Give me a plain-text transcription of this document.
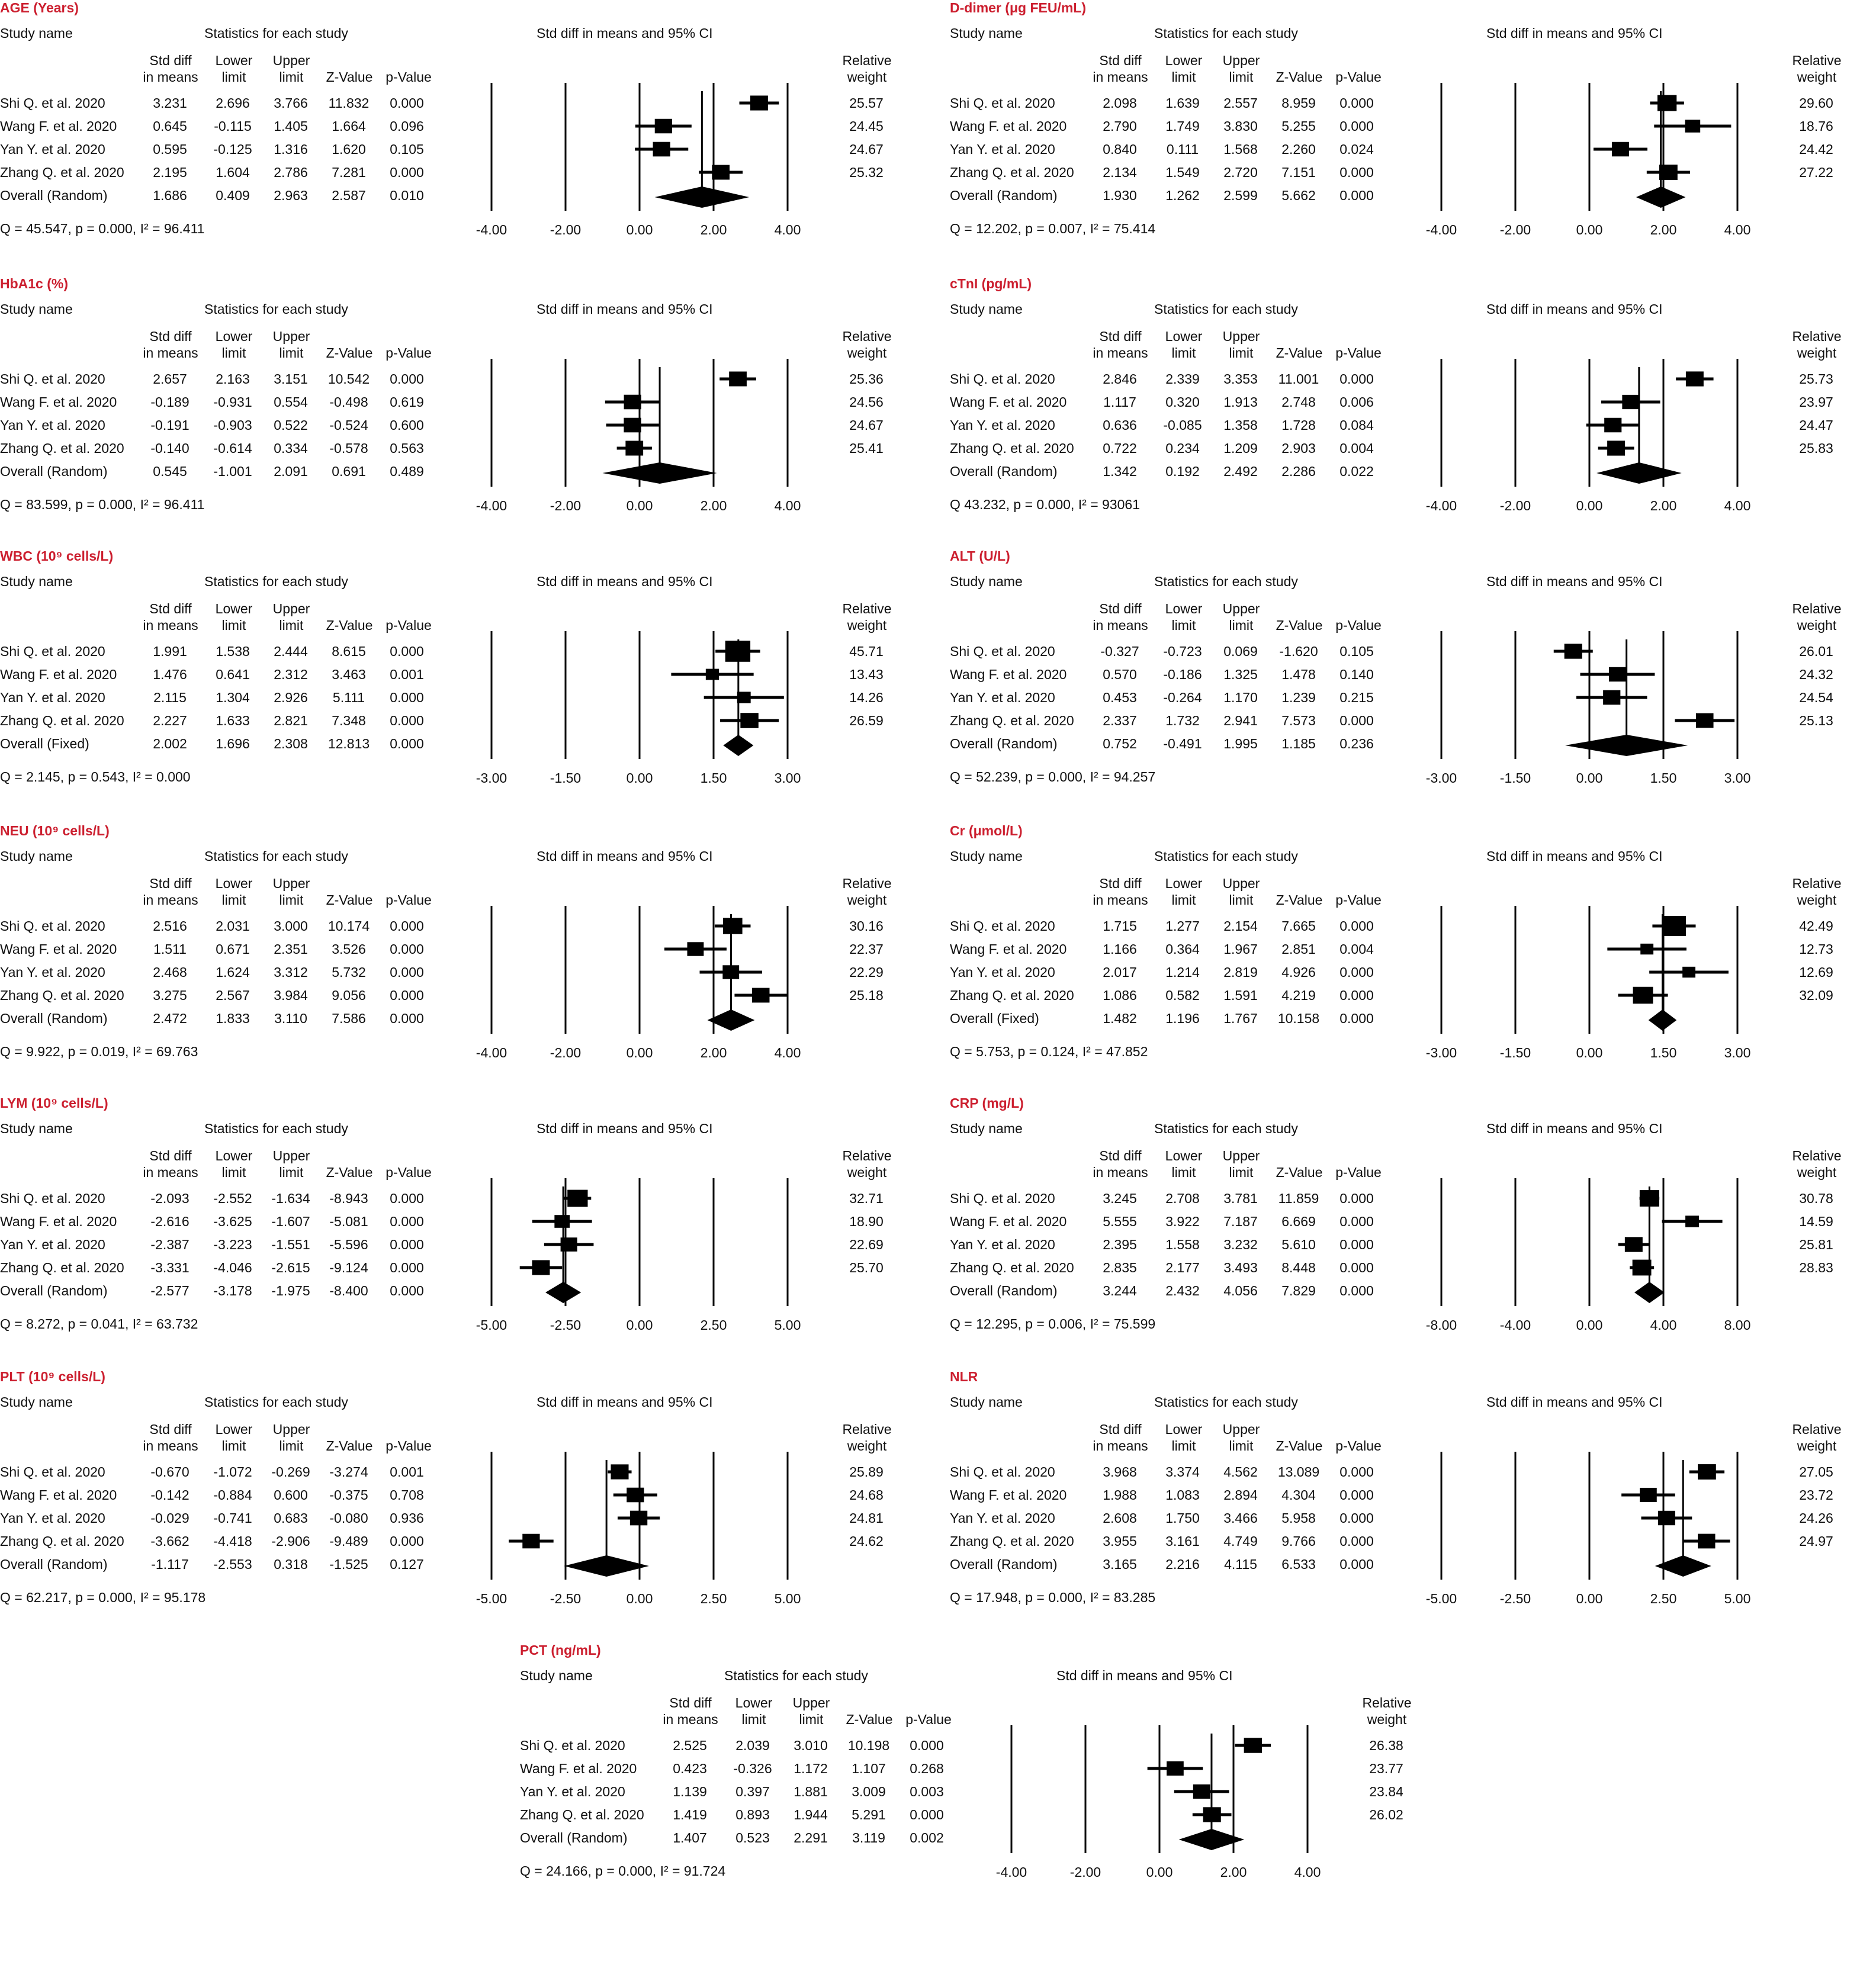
AGE (Years)
Study name	Statistics for each study	Std diff in means and 95% CI
Std diff
in means
Lower
limit
Upper
limit	Z-Value p-Value
Relative
weight
Shi Q. et al. 2020	3.231	2.696	3.766	11.832	0.000	25.57
Wang F. et al. 2020	0.645	-0.115	1.405	1.664	0.096	24.45
Yan Y. et al. 2020	0.595	-0.125	1.316	1.620	0.105	24.67
Zhang Q. et al. 2020	2.195	1.604	2.786	7.281	0.000	25.32
Overall (Random)	1.686	0.409	2.963	2.587	0.010
Q = 45.547, p = 0.000, I² = 96.411	-4.00	-2.00	0.00	2.00	4.00
D-dimer (μg FEU/mL)
Study name	Statistics for each study	Std diff in means and 95% CI
Std diff
in means
Lower
limit
Upper
limit	Z-Value p-Value
Relative
weight
Shi Q. et al. 2020	2.098	1.639	2.557	8.959	0.000	29.60
Wang F. et al. 2020	2.790	1.749	3.830	5.255	0.000	18.76
Yan Y. et al. 2020	0.840	0.111	1.568	2.260	0.024	24.42
Zhang Q. et al. 2020	2.134	1.549	2.720	7.151	0.000	27.22
Overall (Random)	1.930	1.262	2.599	5.662	0.000
Q = 12.202, p = 0.007, I² = 75.414	-4.00	-2.00	0.00	2.00	4.00
HbA1c (%)
Study name	Statistics for each study	Std diff in means and 95% CI
Std diff
in means
Lower
limit
Upper
limit	Z-Value p-Value
Relative
weight
Shi Q. et al. 2020	2.657	2.163	3.151	10.542	0.000	25.36
Wang F. et al. 2020	-0.189	-0.931	0.554	-0.498	0.619	24.56
Yan Y. et al. 2020	-0.191	-0.903	0.522	-0.524	0.600	24.67
Zhang Q. et al. 2020	-0.140	-0.614	0.334	-0.578	0.563	25.41
Overall (Random)	0.545	-1.001	2.091	0.691	0.489
Q = 83.599, p = 0.000, I² = 96.411	-4.00	-2.00	0.00	2.00	4.00
cTnI (pg/mL)
Study name	Statistics for each study	Std diff in means and 95% CI
Std diff
in means
Lower
limit
Upper
limit	Z-Value p-Value
Relative
weight
Shi Q. et al. 2020	2.846	2.339	3.353	11.001	0.000	25.73
Wang F. et al. 2020	1.117	0.320	1.913	2.748	0.006	23.97
Yan Y. et al. 2020	0.636	-0.085	1.358	1.728	0.084	24.47
Zhang Q. et al. 2020	0.722	0.234	1.209	2.903	0.004	25.83
Overall (Random)	1.342	0.192	2.492	2.286	0.022
Q 43.232, p = 0.000, I² = 93061	-4.00	-2.00	0.00	2.00	4.00
WBC (10⁹ cells/L)
Study name	Statistics for each study	Std diff in means and 95% CI
Std diff
in means
Lower
limit
Upper
limit	Z-Value p-Value
Relative
weight
Shi Q. et al. 2020	1.991	1.538	2.444	8.615	0.000	45.71
Wang F. et al. 2020	1.476	0.641	2.312	3.463	0.001	13.43
Yan Y. et al. 2020	2.115	1.304	2.926	5.111	0.000	14.26
Zhang Q. et al. 2020	2.227	1.633	2.821	7.348	0.000	26.59
Overall (Fixed)	2.002	1.696	2.308	12.813	0.000
Q = 2.145, p = 0.543, I² = 0.000	-3.00	-1.50	0.00	1.50	3.00
ALT (U/L)
Study name	Statistics for each study	Std diff in means and 95% CI
Std diff
in means
Lower
limit
Upper
limit	Z-Value p-Value
Relative
weight
Shi Q. et al. 2020	-0.327	-0.723	0.069	-1.620	0.105	26.01
Wang F. et al. 2020	0.570	-0.186	1.325	1.478	0.140	24.32
Yan Y. et al. 2020	0.453	-0.264	1.170	1.239	0.215	24.54
Zhang Q. et al. 2020	2.337	1.732	2.941	7.573	0.000	25.13
Overall (Random)	0.752	-0.491	1.995	1.185	0.236
Q = 52.239, p = 0.000, I² = 94.257	-3.00	-1.50	0.00	1.50	3.00
NEU (10⁹ cells/L)
Study name	Statistics for each study	Std diff in means and 95% CI
Std diff
in means
Lower
limit
Upper
limit	Z-Value p-Value
Relative
weight
Shi Q. et al. 2020	2.516	2.031	3.000	10.174	0.000	30.16
Wang F. et al. 2020	1.511	0.671	2.351	3.526	0.000	22.37
Yan Y. et al. 2020	2.468	1.624	3.312	5.732	0.000	22.29
Zhang Q. et al. 2020	3.275	2.567	3.984	9.056	0.000	25.18
Overall (Random)	2.472	1.833	3.110	7.586	0.000
Q = 9.922, p = 0.019, I² = 69.763	-4.00	-2.00	0.00	2.00	4.00
Cr (μmol/L)
Study name	Statistics for each study	Std diff in means and 95% CI
Std diff
in means
Lower
limit
Upper
limit	Z-Value p-Value
Relative
weight
Shi Q. et al. 2020	1.715	1.277	2.154	7.665	0.000	42.49
Wang F. et al. 2020	1.166	0.364	1.967	2.851	0.004	12.73
Yan Y. et al. 2020	2.017	1.214	2.819	4.926	0.000	12.69
Zhang Q. et al. 2020	1.086	0.582	1.591	4.219	0.000	32.09
Overall (Fixed)	1.482	1.196	1.767	10.158	0.000
Q = 5.753, p = 0.124, I² = 47.852	-3.00	-1.50	0.00	1.50	3.00
LYM (10⁹ cells/L)
Study name	Statistics for each study	Std diff in means and 95% CI
Std diff
in means
Lower
limit
Upper
limit	Z-Value p-Value
Relative
weight
Shi Q. et al. 2020	-2.093	-2.552	-1.634	-8.943	0.000	32.71
Wang F. et al. 2020	-2.616	-3.625	-1.607	-5.081	0.000	18.90
Yan Y. et al. 2020	-2.387	-3.223	-1.551	-5.596	0.000	22.69
Zhang Q. et al. 2020	-3.331	-4.046	-2.615	-9.124	0.000	25.70
Overall (Random)	-2.577	-3.178	-1.975	-8.400	0.000
Q = 8.272, p = 0.041, I² = 63.732	-5.00	-2.50	0.00	2.50	5.00
CRP (mg/L)
Study name	Statistics for each study	Std diff in means and 95% CI
Std diff
in means
Lower
limit
Upper
limit	Z-Value p-Value
Relative
weight
Shi Q. et al. 2020	3.245	2.708	3.781	11.859	0.000	30.78
Wang F. et al. 2020	5.555	3.922	7.187	6.669	0.000	14.59
Yan Y. et al. 2020	2.395	1.558	3.232	5.610	0.000	25.81
Zhang Q. et al. 2020	2.835	2.177	3.493	8.448	0.000	28.83
Overall (Random)	3.244	2.432	4.056	7.829	0.000
Q = 12.295, p = 0.006, I² = 75.599	-8.00	-4.00	0.00	4.00	8.00
PLT (10⁹ cells/L)
Study name	Statistics for each study	Std diff in means and 95% CI
Std diff
in means
Lower
limit
Upper
limit	Z-Value p-Value
Relative
weight
Shi Q. et al. 2020	-0.670	-1.072	-0.269	-3.274	0.001	25.89
Wang F. et al. 2020	-0.142	-0.884	0.600	-0.375	0.708	24.68
Yan Y. et al. 2020	-0.029	-0.741	0.683	-0.080	0.936	24.81
Zhang Q. et al. 2020	-3.662	-4.418	-2.906	-9.489	0.000	24.62
Overall (Random)	-1.117	-2.553	0.318	-1.525	0.127
Q = 62.217, p = 0.000, I² = 95.178	-5.00	-2.50	0.00	2.50	5.00
NLR
Study name	Statistics for each study	Std diff in means and 95% CI
Std diff
in means
Lower
limit
Upper
limit	Z-Value p-Value
Relative
weight
Shi Q. et al. 2020	3.968	3.374	4.562	13.089	0.000	27.05
Wang F. et al. 2020	1.988	1.083	2.894	4.304	0.000	23.72
Yan Y. et al. 2020	2.608	1.750	3.466	5.958	0.000	24.26
Zhang Q. et al. 2020	3.955	3.161	4.749	9.766	0.000	24.97
Overall (Random)	3.165	2.216	4.115	6.533	0.000
Q = 17.948, p = 0.000, I² = 83.285	-5.00	-2.50	0.00	2.50	5.00
PCT (ng/mL)
Study name	Statistics for each study	Std diff in means and 95% CI
Std diff
in means
Lower
limit
Upper
limit	Z-Value p-Value
Relative
weight
Shi Q. et al. 2020	2.525	2.039	3.010	10.198	0.000	26.38
Wang F. et al. 2020	0.423	-0.326	1.172	1.107	0.268	23.77
Yan Y. et al. 2020	1.139	0.397	1.881	3.009	0.003	23.84
Zhang Q. et al. 2020	1.419	0.893	1.944	5.291	0.000	26.02
Overall (Random)	1.407	0.523	2.291	3.119	0.002
Q = 24.166, p = 0.000, I² = 91.724	-4.00	-2.00	0.00	2.00	4.00
